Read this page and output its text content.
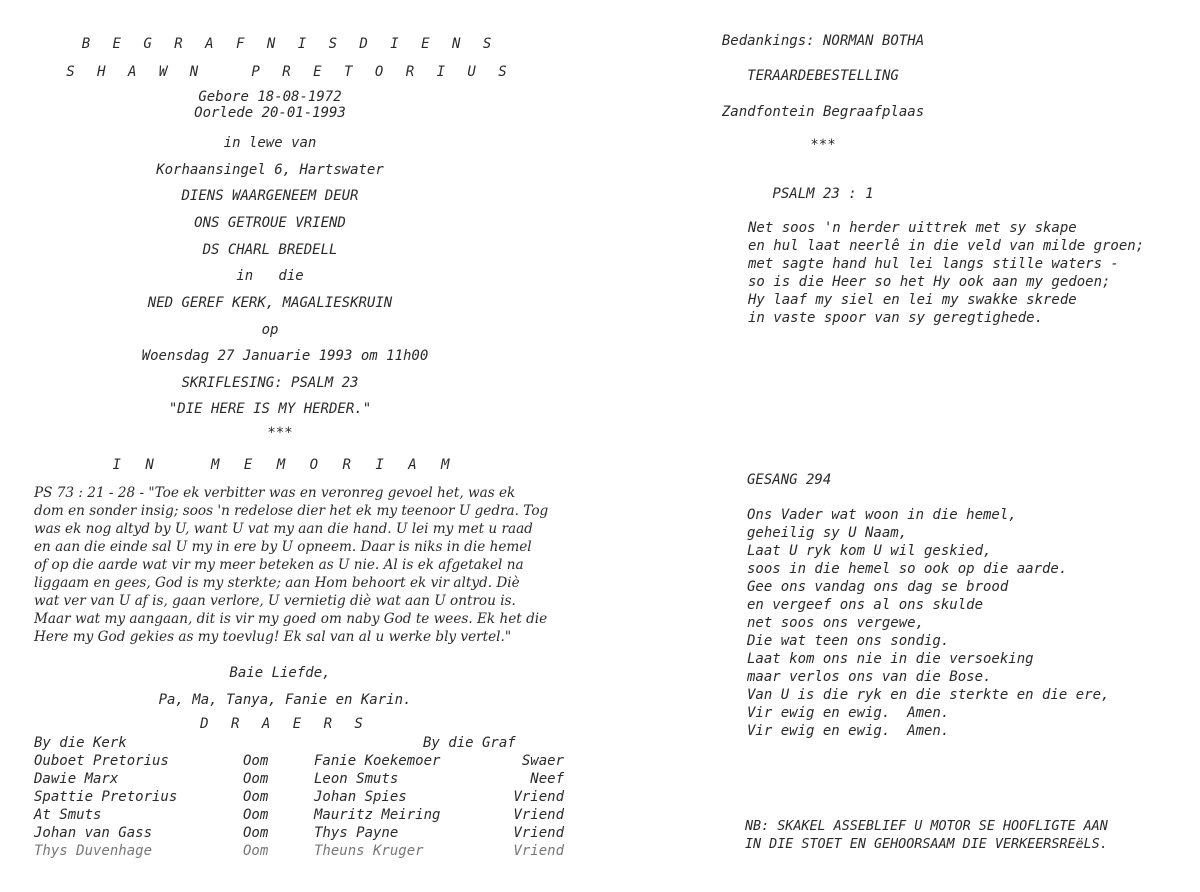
B E G R A F N I S D I E N S
S H A W N   P R E T O R I U S
Gebore 18-08-1972
Oorlede 20-01-1993
in lewe van
Korhaansingel 6, Hartswater
DIENS WAARGENEEM DEUR
ONS GETROUE VRIEND
DS CHARL BREDELL
in   die
NED GEREF KERK, MAGALIESKRUIN
op
Woensdag 27 Januarie 1993 om 11h00
SKRIFLESING: PSALM 23
"DIE HERE IS MY HERDER."
***
I N   M E M O R I A M
PS 73 : 21 - 28 - "Toe ek verbitter was en veronreg gevoel het, was ek dom en sonder insig; soos 'n redelose dier het ek my teenoor U gedra. Tog was ek nog altyd by U, want U vat my aan die hand. U lei my met u raad en aan die einde sal U my in ere by U opneem. Daar is niks in die hemel of op die aarde wat vir my meer beteken as U nie. Al is ek afgetakel na liggaam en gees, God is my sterkte; aan Hom behoort ek vir altyd. Diè wat ver van U af is, gaan verlore, U vernietig diè wat aan U ontrou is. Maar wat my aangaan, dit is vir my goed om naby God te wees. Ek het die Here my God gekies as my toevlug! Ek sal van al u werke bly vertel."
Baie Liefde,
Pa, Ma, Tanya, Fanie en Karin.
D R A E R S
By die Kerk	By die Graf
Ouboet Pretorius	Oom	Fanie Koekemoer	Swaer
Dawie Marx	Oom	Leon Smuts	Neef
Spattie Pretorius	Oom	Johan Spies	Vriend
At Smuts	Oom	Mauritz Meiring	Vriend
Johan van Gass	Oom	Thys Payne	Vriend
Thys Duvenhage	Oom	Theuns Kruger	Vriend
Bedankings: NORMAN BOTHA
TERAARDEBESTELLING
Zandfontein Begraafplaas
***
PSALM 23 : 1
Net soos 'n herder uittrek met sy skape
en hul laat neerlê in die veld van milde groen;
met sagte hand hul lei langs stille waters -
so is die Heer so het Hy ook aan my gedoen;
Hy laaf my siel en lei my swakke skrede
in vaste spoor van sy geregtighede.
GESANG 294
Ons Vader wat woon in die hemel,
geheilig sy U Naam,
Laat U ryk kom U wil geskied,
soos in die hemel so ook op die aarde.
Gee ons vandag ons dag se brood
en vergeef ons al ons skulde
net soos ons vergewe,
Die wat teen ons sondig.
Laat kom ons nie in die versoeking
maar verlos ons van die Bose.
Van U is die ryk en die sterkte en die ere,
Vir ewig en ewig.  Amen.
Vir ewig en ewig.  Amen.
NB: SKAKEL ASSEBLIEF U MOTOR SE HOOFLIGTE AAN
IN DIE STOET EN GEHOORSAAM DIE VERKEERSREëLS.
